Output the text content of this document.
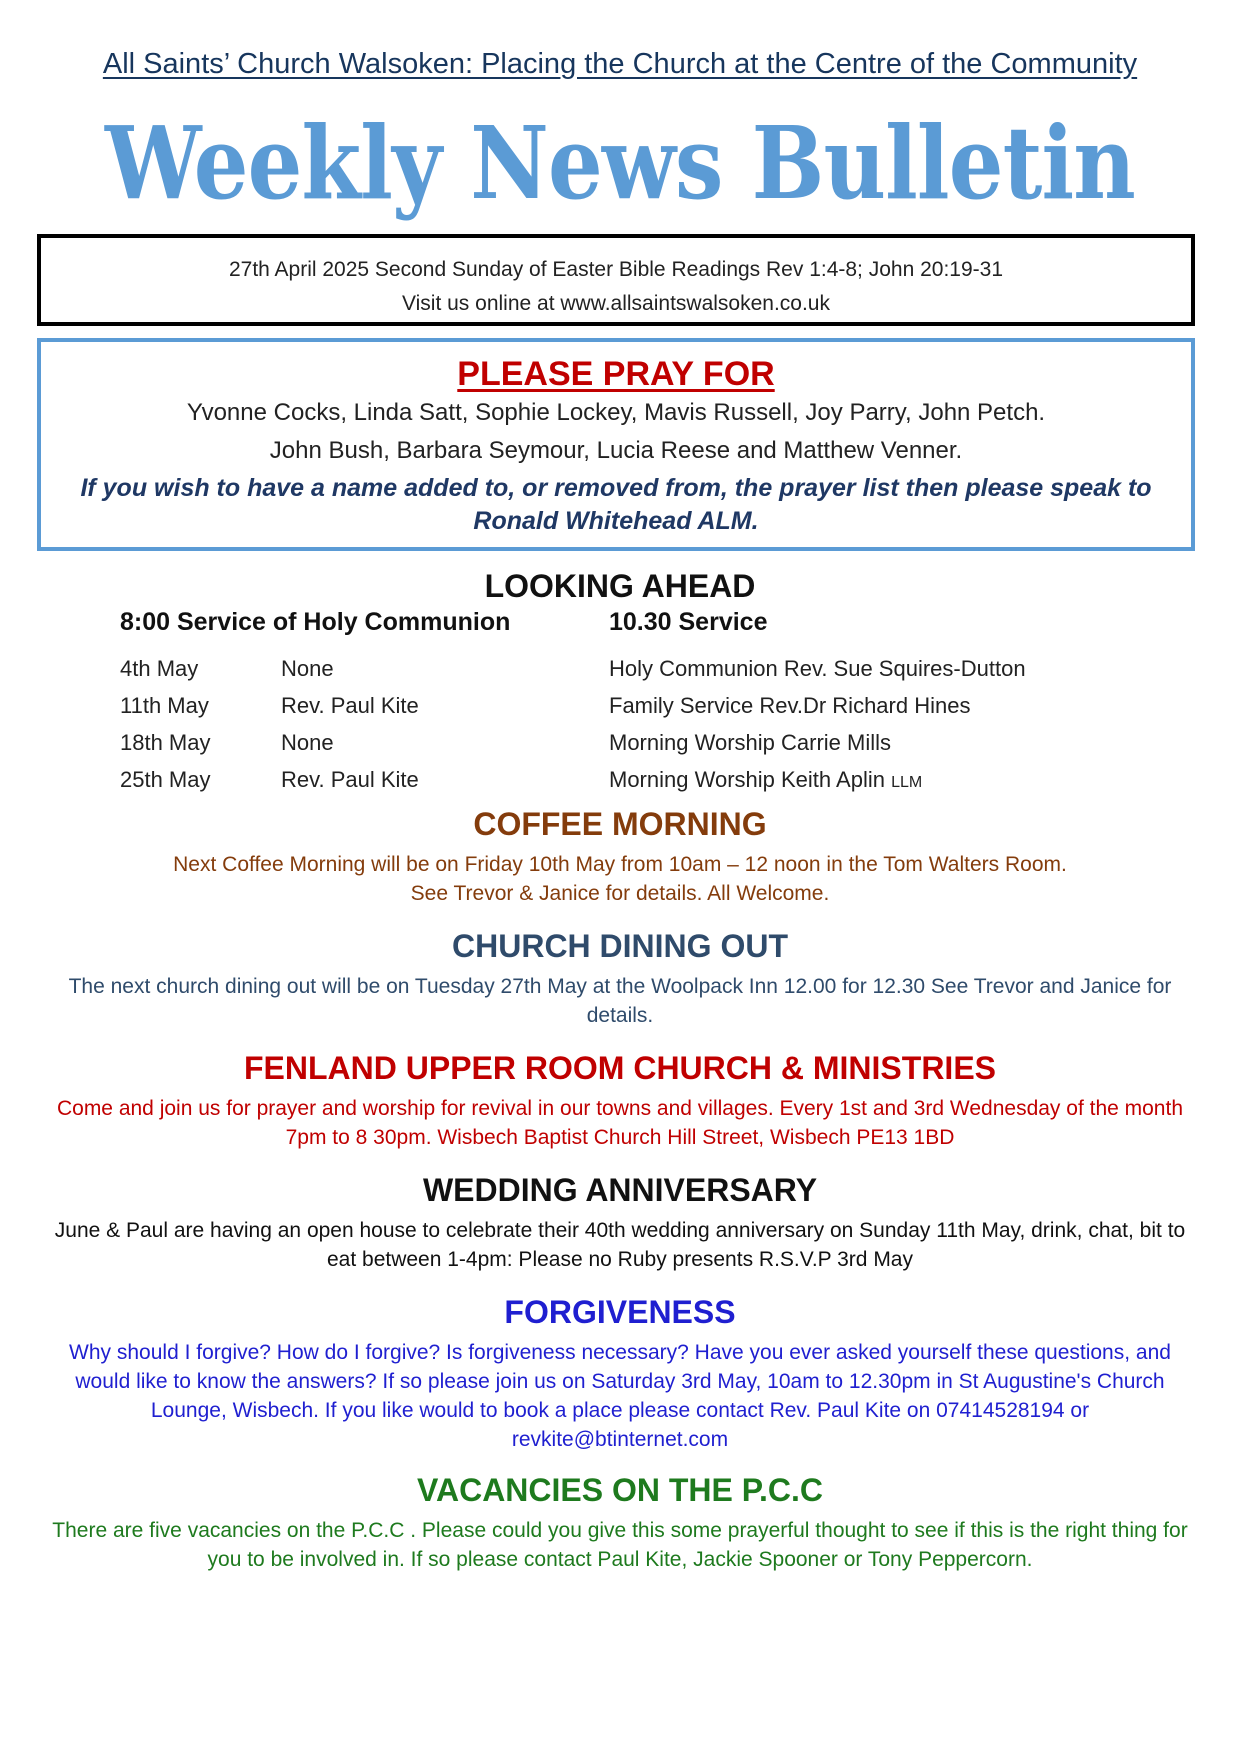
All Saints’ Church Walsoken: Placing the Church at the Centre of the Community
Weekly News Bulletin
27th April 2025 Second Sunday of Easter Bible Readings Rev 1:4-8; John 20:19-31
Visit us online at www.allsaintswalsoken.co.uk
PLEASE PRAY FOR
Yvonne Cocks, Linda Satt, Sophie Lockey, Mavis Russell, Joy Parry, John Petch.
John Bush, Barbara Seymour, Lucia Reese and Matthew Venner.
If you wish to have a name added to, or removed from, the prayer list then please speak to Ronald Whitehead ALM.
LOOKING AHEAD
8:00 Service of Holy Communion	10.30 Service
4th May
11th May
18th May
25th May
None
Rev. Paul Kite
None
Rev. Paul Kite
Holy Communion Rev. Sue Squires-Dutton
Family Service Rev.Dr Richard Hines
Morning Worship Carrie Mills
Morning Worship Keith Aplin LLM
COFFEE MORNING
Next Coffee Morning will be on Friday 10th May from 10am – 12 noon in the Tom Walters Room.
See Trevor & Janice for details. All Welcome.
CHURCH DINING OUT
The next church dining out will be on Tuesday 27th May at the Woolpack Inn 12.00 for 12.30 See Trevor and Janice for details.
FENLAND UPPER ROOM CHURCH & MINISTRIES
Come and join us for prayer and worship for revival in our towns and villages. Every 1st and 3rd Wednesday of the month 7pm to 8 30pm. Wisbech Baptist Church Hill Street, Wisbech PE13 1BD
WEDDING ANNIVERSARY
June & Paul are having an open house to celebrate their 40th wedding anniversary on Sunday 11th May, drink, chat, bit to eat between 1-4pm: Please no Ruby presents R.S.V.P 3rd May
FORGIVENESS
Why should I forgive? How do I forgive? Is forgiveness necessary? Have you ever asked yourself these questions, and would like to know the answers? If so please join us on Saturday 3rd May, 10am to 12.30pm in St Augustine's Church Lounge, Wisbech. If you like would to book a place please contact Rev. Paul Kite on 07414528194 or revkite@btinternet.com
VACANCIES ON THE P.C.C
There are five vacancies on the P.C.C . Please could you give this some prayerful thought to see if this is the right thing for you to be involved in. If so please contact Paul Kite, Jackie Spooner or Tony Peppercorn.
